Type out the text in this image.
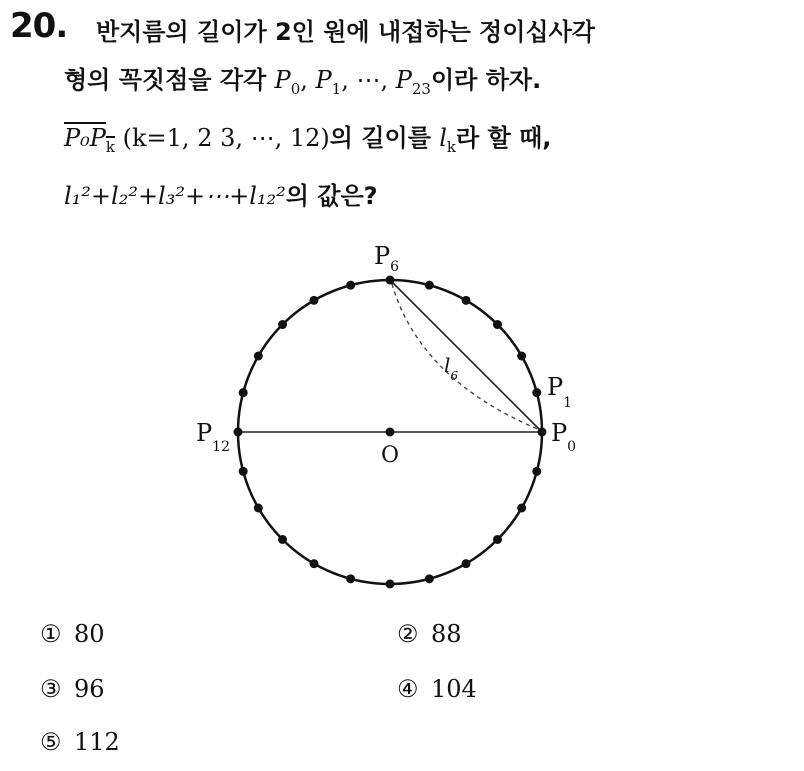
20. 반지름의 길이가 2인 원에 내접하는 정이십사각
형의 꼭짓점을 각각 $P_0$, $P_1$, ⋯, $P_{23}$이라 하자.
$P_0P_k$ (k=1, 2 3, ⋯, 12)의 길이를 $l_k$라 할 때,
l₁²+l₂²+l₃²+⋯+l₁₂²의 값은?
$P_6$
$P_1$
$P_0$
$P_{12}$	O
$l_6$
① 80	② 88
③ 96	④ 104
⑤ 112
